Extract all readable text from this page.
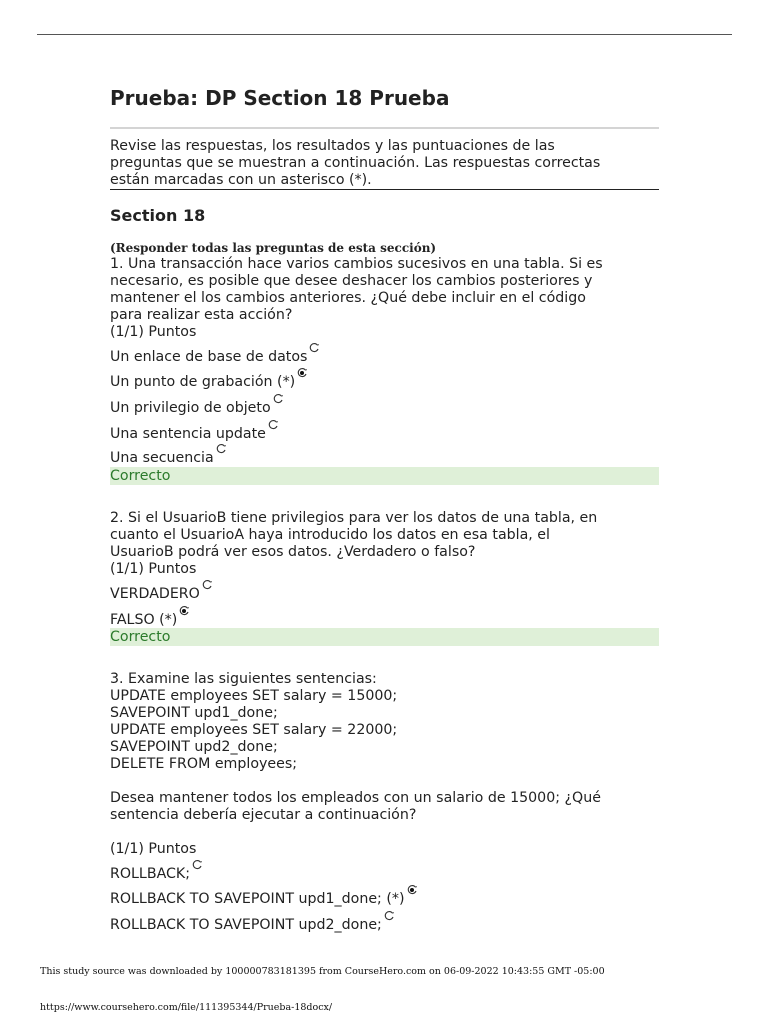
Prueba: DP Section 18 Prueba
Revise las respuestas, los resultados y las puntuaciones de las
preguntas que se muestran a continuación. Las respuestas correctas
están marcadas con un asterisco (*).
Section 18
(Responder todas las preguntas de esta sección)
1. Una transacción hace varios cambios sucesivos en una tabla. Si es
necesario, es posible que desee deshacer los cambios posteriores y
mantener el los cambios anteriores. ¿Qué debe incluir en el código
para realizar esta acción?
(1/1) Puntos
Un enlace de base de datos
Un punto de grabación (*)
Un privilegio de objeto
Una sentencia update
Una secuencia
Correcto
2. Si el UsuarioB tiene privilegios para ver los datos de una tabla, en
cuanto el UsuarioA haya introducido los datos en esa tabla, el
UsuarioB podrá ver esos datos. ¿Verdadero o falso?
(1/1) Puntos
VERDADERO
FALSO (*)
Correcto
3. Examine las siguientes sentencias:
UPDATE employees SET salary = 15000;
SAVEPOINT upd1_done;
UPDATE employees SET salary = 22000;
SAVEPOINT upd2_done;
DELETE FROM employees;
Desea mantener todos los empleados con un salario de 15000; ¿Qué
sentencia debería ejecutar a continuación?
(1/1) Puntos
ROLLBACK;
ROLLBACK TO SAVEPOINT upd1_done; (*)
ROLLBACK TO SAVEPOINT upd2_done;
This study source was downloaded by 100000783181395 from CourseHero.com on 06-09-2022 10:43:55 GMT -05:00
https://www.coursehero.com/file/111395344/Prueba-18docx/
